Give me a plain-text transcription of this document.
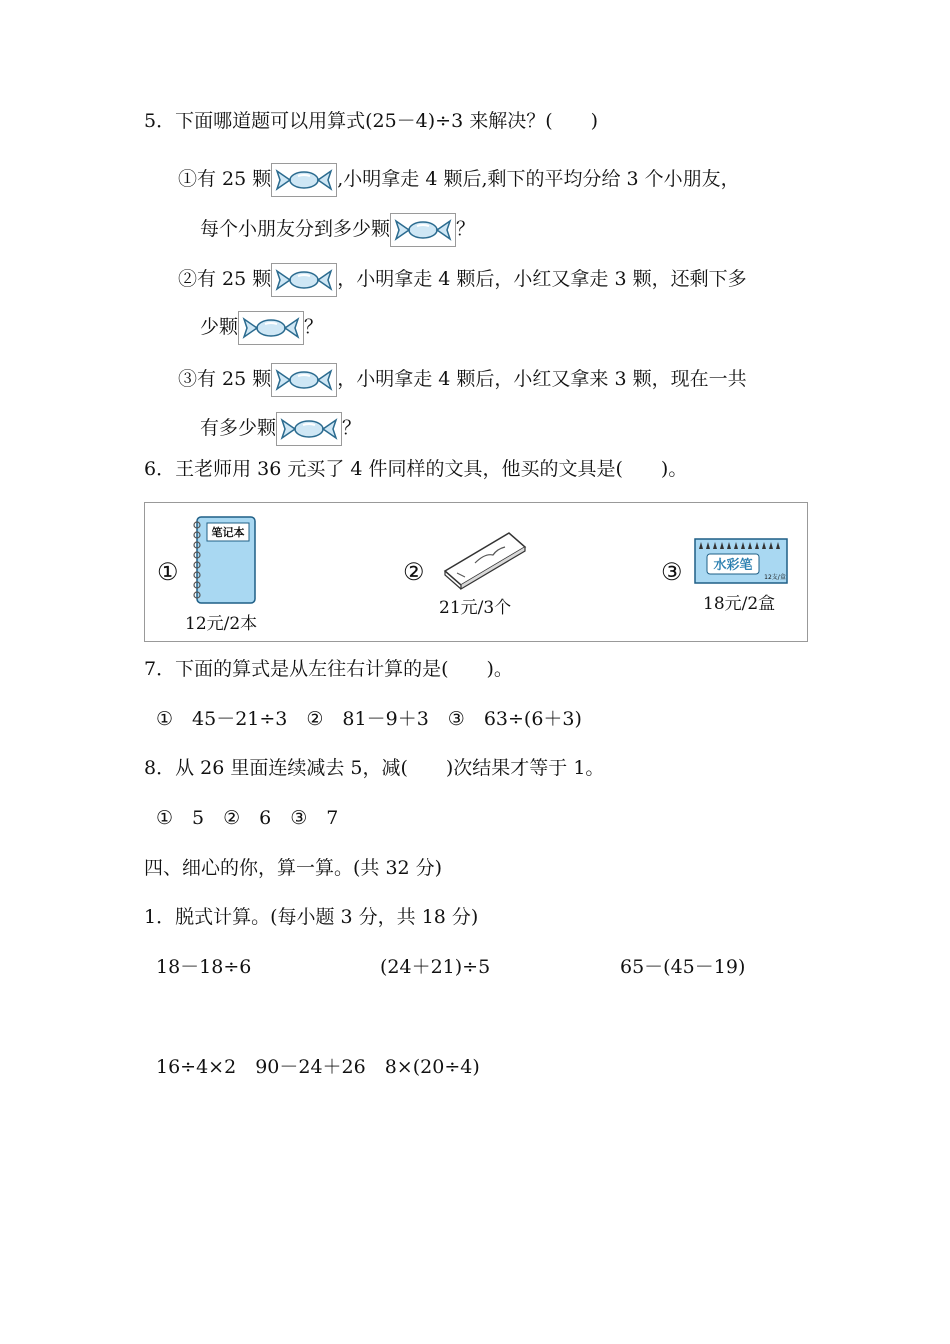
5．下面哪道题可以用算式(25－4)÷3 来解决？(　　)
①有 25 颗	,小明拿走 4 颗后,剩下的平均分给 3 个小朋友，
每个小朋友分到多少颗	？
②有 25 颗	，小明拿走 4 颗后，小红又拿走 3 颗，还剩下多
少颗	？
③有 25 颗	，小明拿走 4 颗后，小红又拿来 3 颗，现在一共
有多少颗	？
6．王老师用 36 元买了 4 件同样的文具，他买的文具是(　　)。
①
笔记本
12元/2本
②
21元/3个
③ 水彩笔
12支/盒
18元/2盒
7．下面的算式是从左往右计算的是(　　)。
①　45－21÷3　②　81－9＋3　③　63÷(6＋3)
8．从 26 里面连续减去 5，减(　　)次结果才等于 1。
①　5　②　6　③　7
四、细心的你，算一算。(共 32 分)
1．脱式计算。(每小题 3 分，共 18 分)
18－18÷6	(24＋21)÷5	65－(45－19)
16÷4×2　90－24＋26　8×(20÷4)
